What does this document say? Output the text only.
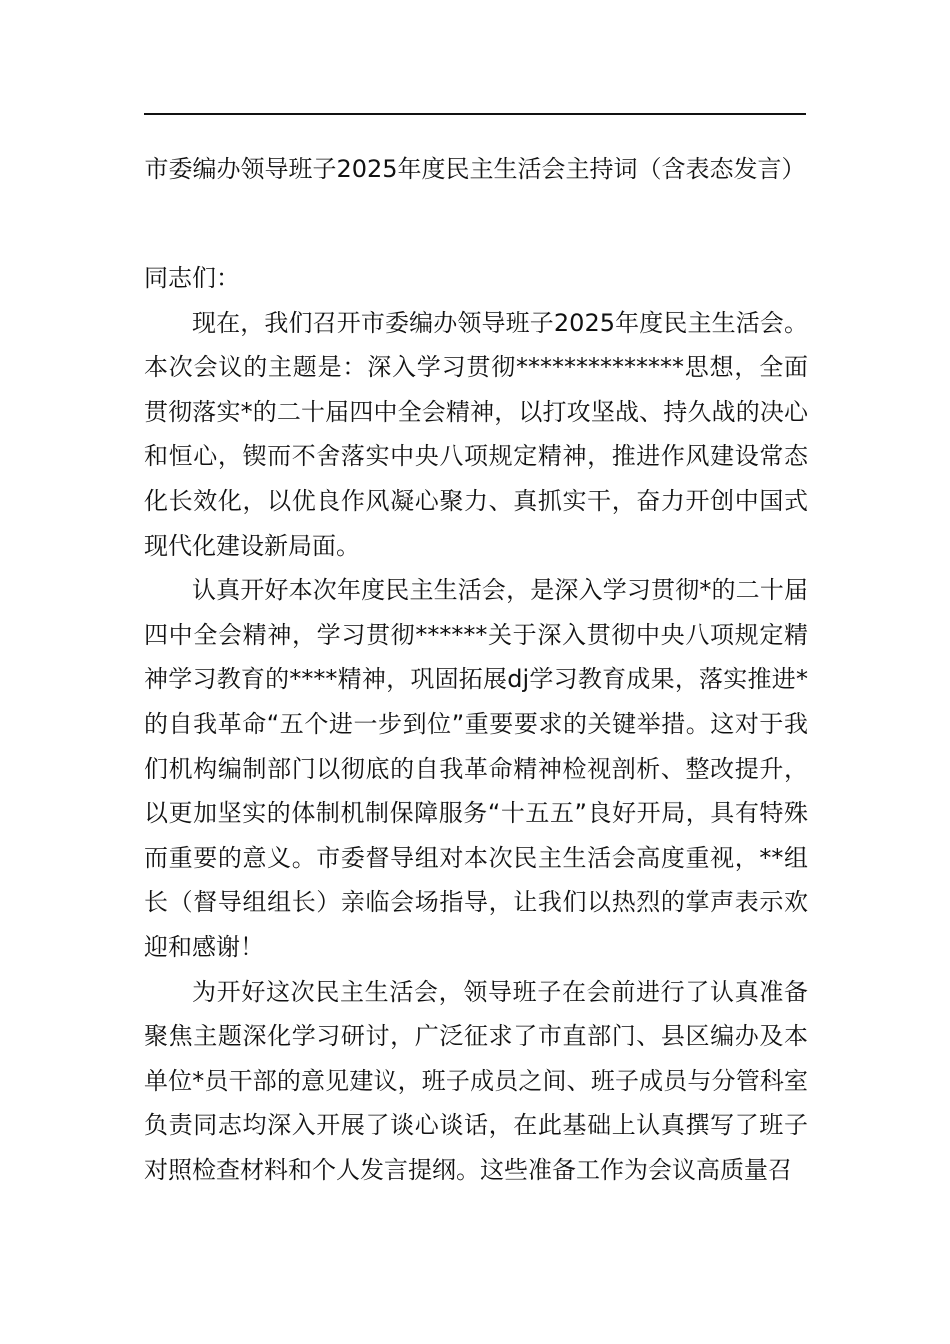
市委编办领导班子2025年度民主生活会主持词（含表态发言）

同志们：

现在，我们召开市委编办领导班子2025年度民主生活会。本次会议的主题是：深入学习贯彻**************思想，全面贯彻落实*的二十届四中全会精神，以打攻坚战、持久战的决心和恒心，锲而不舍落实中央八项规定精神，推进作风建设常态化长效化，以优良作风凝心聚力、真抓实干，奋力开创中国式现代化建设新局面。

认真开好本次年度民主生活会，是深入学习贯彻*的二十届四中全会精神，学习贯彻******关于深入贯彻中央八项规定精神学习教育的****精神，巩固拓展dj学习教育成果，落实推进*的自我革命“五个进一步到位”重要要求的关键举措。这对于我们机构编制部门以彻底的自我革命精神检视剖析、整改提升，以更加坚实的体制机制保障服务“十五五”良好开局，具有特殊而重要的意义。市委督导组对本次民主生活会高度重视，**组长（督导组组长）亲临会场指导，让我们以热烈的掌声表示欢迎和感谢！

为开好这次民主生活会，领导班子在会前进行了认真准备聚焦主题深化学习研讨，广泛征求了市直部门、县区编办及本单位*员干部的意见建议，班子成员之间、班子成员与分管科室负责同志均深入开展了谈心谈话，在此基础上认真撰写了班子对照检查材料和个人发言提纲。这些准备工作为会议高质量召
